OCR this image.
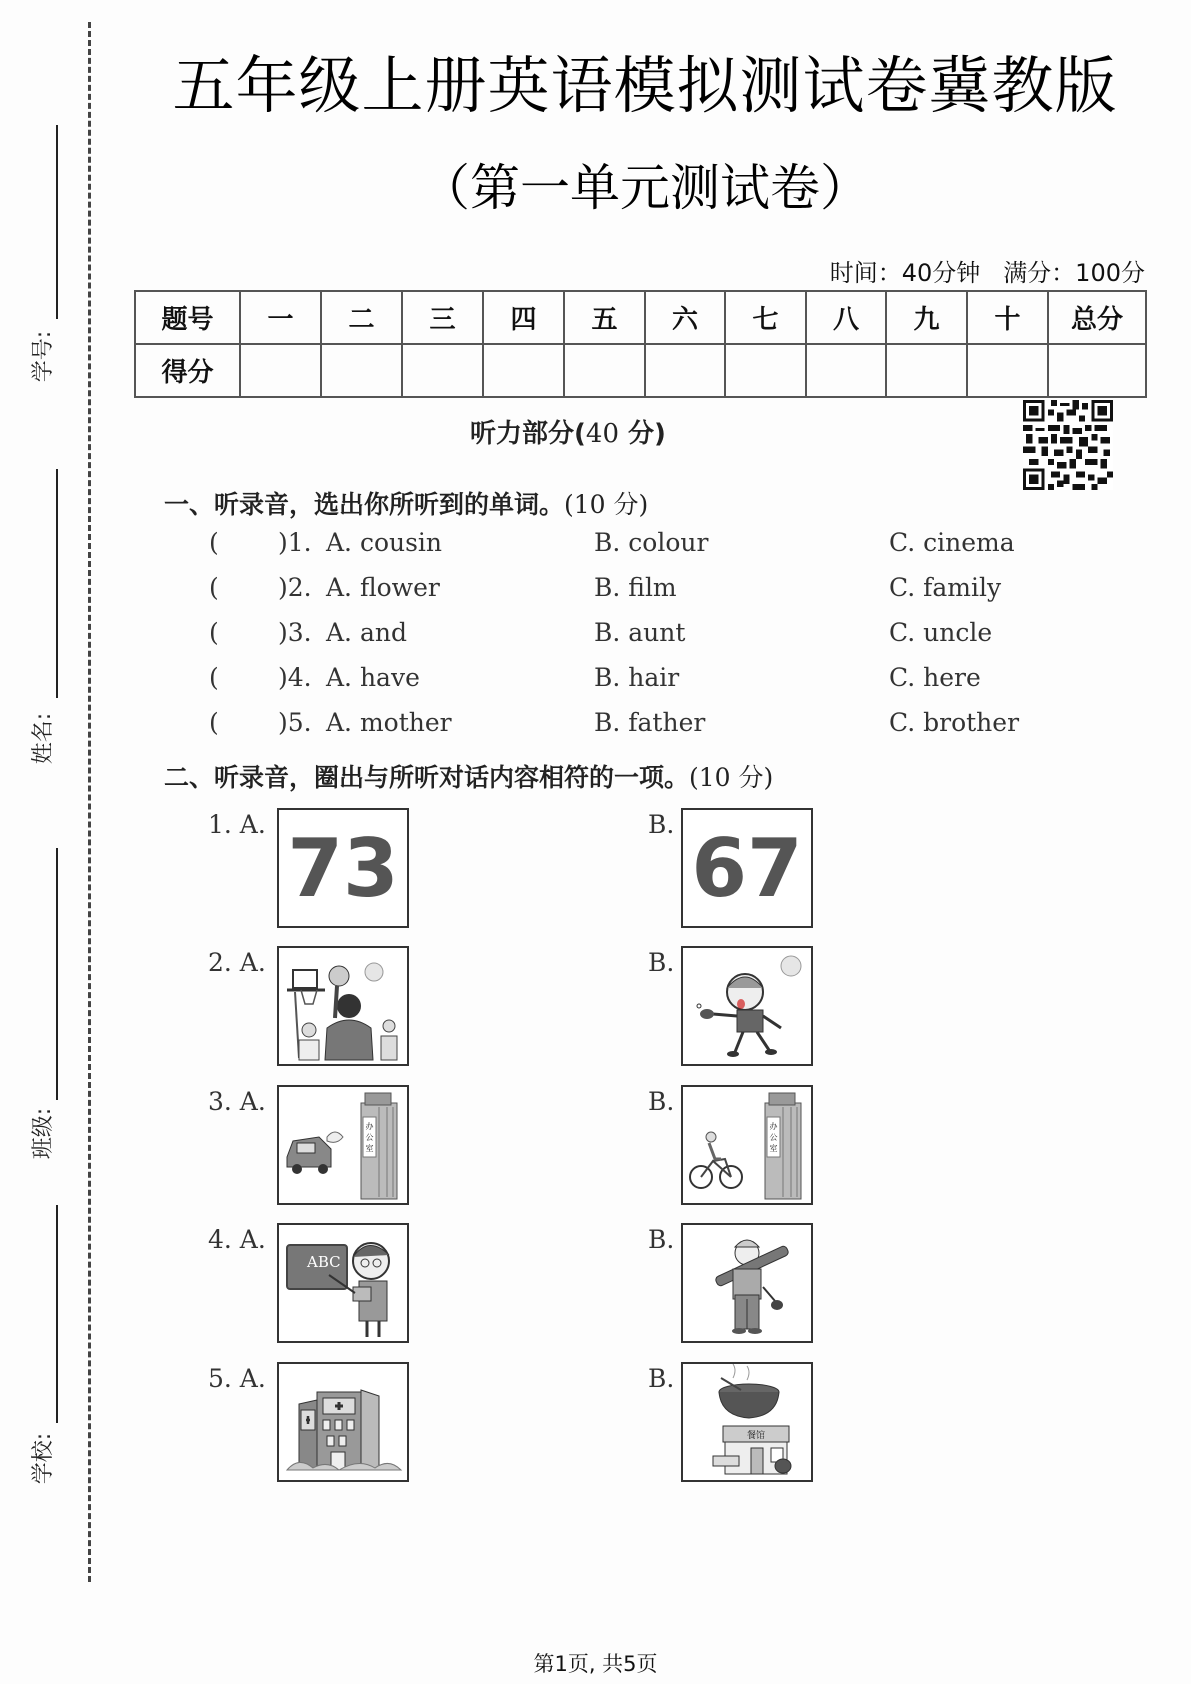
学号:
姓名:
班级:
学校:
五年级上册英语模拟测试卷冀教版
（第一单元测试卷）
时间：40分钟 满分：100分
题号	一	二	三	四	五	六	七	八	九	十	总分
得分											
听力部分(40 分)
一、听录音，选出你所听到的单词。(10 分)
( )1. A. cousin	B. colour	C. cinema
( )2. A. flower	B. film	C. family
( )3. A. and	B. aunt	C. uncle
( )4. A. have	B. hair	C. here
( )5. A. mother	B. father	C. brother
二、听录音，圈出与所听对话内容相符的一项。(10 分)
1. A. 73	B. 67
2. A.	B.
3. A.
办
公
室
B.
办
公
室
4. A.
ABC
B.
5. A.	B.
餐馆
第1页, 共5页
